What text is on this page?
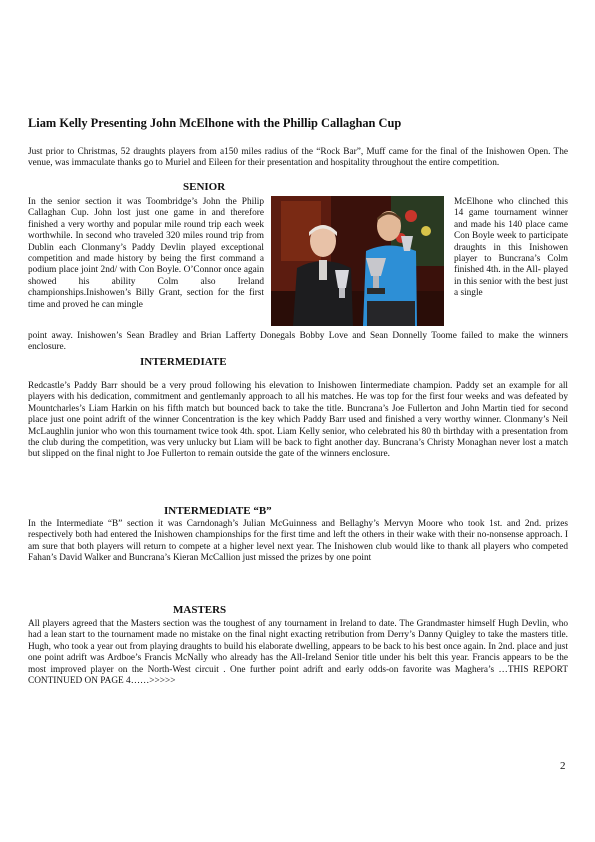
Liam Kelly Presenting John McElhone with the Phillip Callaghan Cup

Just prior to Christmas, 52 draughts players from a150 miles radius of the “Rock Bar”, Muff came for the final of the Inishowen Open. The venue, was immaculate thanks go to Muriel and Eileen for their presentation and hospitality throughout the entire competition.

SENIOR

In the senior section it was Toombridge’s John the Philip Callaghan Cup. John lost just one game in and therefore finished a very worthy and popular mile round trip each week worthwhile. In second who traveled 320 miles round trip from Dublin each Clonmany’s Paddy Devlin played exceptional competition and made history by being the first command a podium place joint 2nd/ with Con Boyle. O’Connor once again showed his ability Colm also Ireland championships.Inishowen’s Billy Grant, section for the first time and proved he can mingle

McElhone who clinched this 14 game tournament winner and made his 140 place came Con Boyle week to participate draughts in this Inishowen player to Buncrana’s Colm finished 4th. in the All- played in this senior with the best just a single

point away. Inishowen’s Sean Bradley and Brian Lafferty Donegals Bobby Love and Sean Donnelly Toome failed to make the winners enclosure.

INTERMEDIATE

Redcastle’s Paddy Barr should be a very proud following his elevation to Inishowen Iintermediate champion. Paddy set an example for all players with his dedication, commitment and gentlemanly approach to all his matches. He was top for the first four weeks and was defeated by Mountcharles’s Liam Harkin on his fifth match but bounced back to take the title. Buncrana’s Joe Fullerton and John Martin tied for second place just one point adrift of the winner Concentration is the key which Paddy Barr used and finished a very worthy winner. Clonmany’s Neil McLaughlin junior who won this tournament twice took 4th. spot. Liam Kelly senior, who celebrated his 80 th birthday with a presentation from the club during the competition, was very unlucky but Liam will be back to fight another day. Buncrana’s Christy Monaghan never lost a match but slipped on the final night to Joe Fullerton to remain outside the gate of the winners enclosure.

INTERMEDIATE “B”

In the Intermediate “B” section it was Carndonagh’s Julian McGuinness and Bellaghy’s Mervyn Moore who took 1st. and 2nd. prizes respectively both had entered the Inishowen championships for the first time and left the others in their wake with their no-nonsense approach. I am sure that both players will return to compete at a higher level next year. The Inishowen club would like to thank all players who competed Fahan’s David Walker and Buncrana’s Kieran McCallion just missed the prizes by one point

MASTERS

All players agreed that the Masters section was the toughest of any tournament in Ireland to date. The Grandmaster himself Hugh Devlin, who had a lean start to the tournament made no mistake on the final night exacting retribution from Derry’s Danny Quigley to take the masters title. Hugh, who took a year out from playing draughts to build his elaborate dwelling, appears to be back to his best once again. In 2nd. place and just one point adrift was Ardboe’s Francis McNally who already has the All-Ireland Senior title under his belt this year. Francis appears to be the most improved player on the North-West circuit . One further point adrift and early odds-on favorite was Maghera’s …THIS REPORT CONTINUED ON PAGE 4……>>>>>

2
